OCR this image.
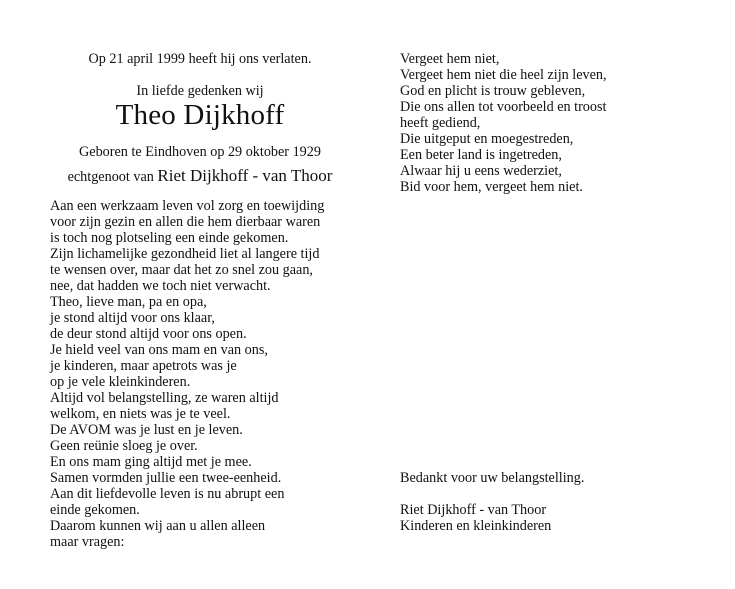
Op 21 april 1999 heeft hij ons verlaten.
In liefde gedenken wij
Theo Dijkhoff
Geboren te Eindhoven op 29 oktober 1929
echtgenoot van Riet Dijkhoff - van Thoor
Aan een werkzaam leven vol zorg en toewijding
voor zijn gezin en allen die hem dierbaar waren
is toch nog plotseling een einde gekomen.
Zijn lichamelijke gezondheid liet al langere tijd
te wensen over, maar dat het zo snel zou gaan,
nee, dat hadden we toch niet verwacht.
Theo, lieve man, pa en opa,
je stond altijd voor ons klaar,
de deur stond altijd voor ons open.
Je hield veel van ons mam en van ons,
je kinderen, maar apetrots was je
op je vele kleinkinderen.
Altijd vol belangstelling, ze waren altijd
welkom, en niets was je te veel.
De AVOM was je lust en je leven.
Geen reünie sloeg je over.
En ons mam ging altijd met je mee.
Samen vormden jullie een twee-eenheid.
Aan dit liefdevolle leven is nu abrupt een
einde gekomen.
Daarom kunnen wij aan u allen alleen
maar vragen:
Vergeet hem niet,
Vergeet hem niet die heel zijn leven,
God en plicht is trouw gebleven,
Die ons allen tot voorbeeld en troost
heeft gediend,
Die uitgeput en moegestreden,
Een beter land is ingetreden,
Alwaar hij u eens wederziet,
Bid voor hem, vergeet hem niet.
Bedankt voor uw belangstelling.
Riet Dijkhoff - van Thoor
Kinderen en kleinkinderen
